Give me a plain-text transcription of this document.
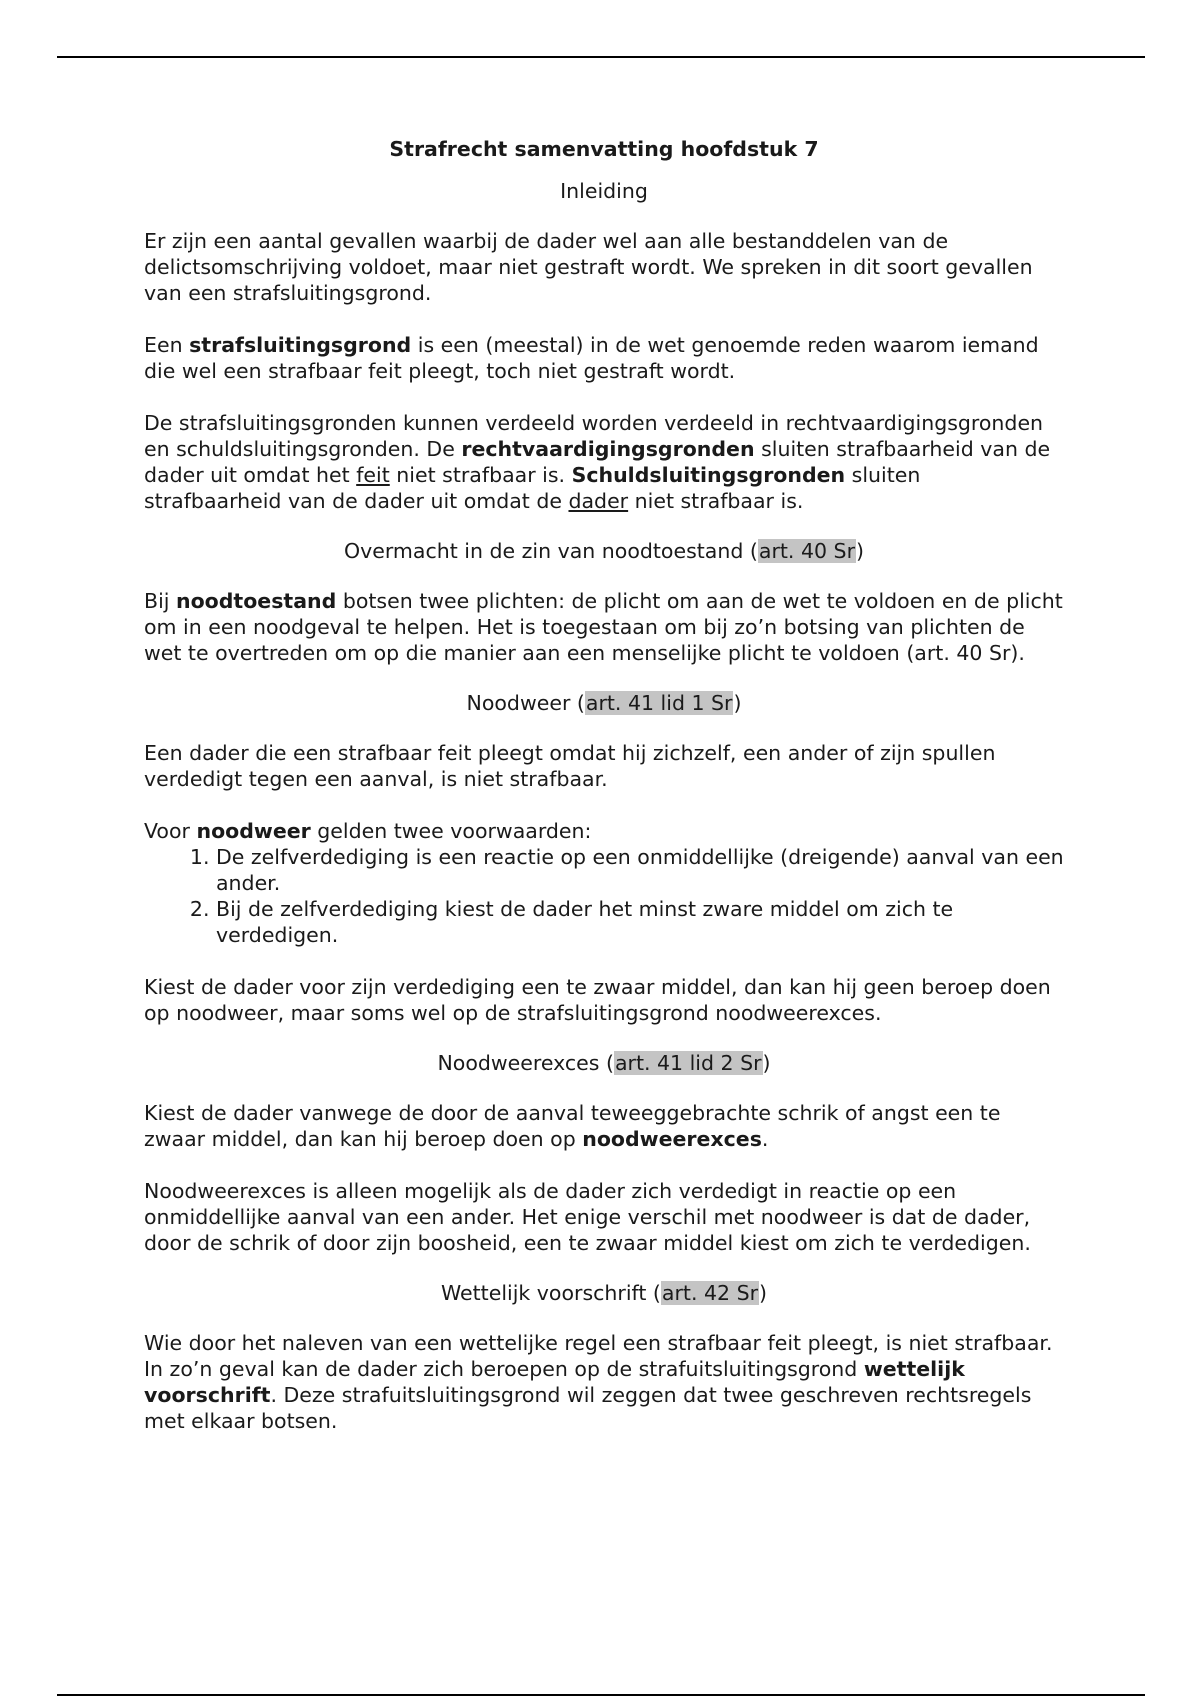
Strafrecht samenvatting hoofdstuk 7

Inleiding

Er zijn een aantal gevallen waarbij de dader wel aan alle bestanddelen van de delictsomschrijving voldoet, maar niet gestraft wordt. We spreken in dit soort gevallen van een strafsluitingsgrond.

Een strafsluitingsgrond is een (meestal) in de wet genoemde reden waarom iemand die wel een strafbaar feit pleegt, toch niet gestraft wordt.

De strafsluitingsgronden kunnen verdeeld worden verdeeld in rechtvaardigingsgronden en schuldsluitingsgronden. De rechtvaardigingsgronden sluiten strafbaarheid van de dader uit omdat het feit niet strafbaar is. Schuldsluitingsgronden sluiten strafbaarheid van de dader uit omdat de dader niet strafbaar is.

Overmacht in de zin van noodtoestand (art. 40 Sr)

Bij noodtoestand botsen twee plichten: de plicht om aan de wet te voldoen en de plicht om in een noodgeval te helpen. Het is toegestaan om bij zo’n botsing van plichten de wet te overtreden om op die manier aan een menselijke plicht te voldoen (art. 40 Sr).

Noodweer (art. 41 lid 1 Sr)

Een dader die een strafbaar feit pleegt omdat hij zichzelf, een ander of zijn spullen verdedigt tegen een aanval, is niet strafbaar.

Voor noodweer gelden twee voorwaarden:

1. De zelfverdediging is een reactie op een onmiddellijke (dreigende) aanval van een ander.
2. Bij de zelfverdediging kiest de dader het minst zware middel om zich te verdedigen.

Kiest de dader voor zijn verdediging een te zwaar middel, dan kan hij geen beroep doen op noodweer, maar soms wel op de strafsluitingsgrond noodweerexces.

Noodweerexces (art. 41 lid 2 Sr)

Kiest de dader vanwege de door de aanval teweeggebrachte schrik of angst een te zwaar middel, dan kan hij beroep doen op noodweerexces.

Noodweerexces is alleen mogelijk als de dader zich verdedigt in reactie op een onmiddellijke aanval van een ander. Het enige verschil met noodweer is dat de dader, door de schrik of door zijn boosheid, een te zwaar middel kiest om zich te verdedigen.

Wettelijk voorschrift (art. 42 Sr)

Wie door het naleven van een wettelijke regel een strafbaar feit pleegt, is niet strafbaar. In zo’n geval kan de dader zich beroepen op de strafuitsluitingsgrond wettelijk voorschrift. Deze strafuitsluitingsgrond wil zeggen dat twee geschreven rechtsregels met elkaar botsen.
